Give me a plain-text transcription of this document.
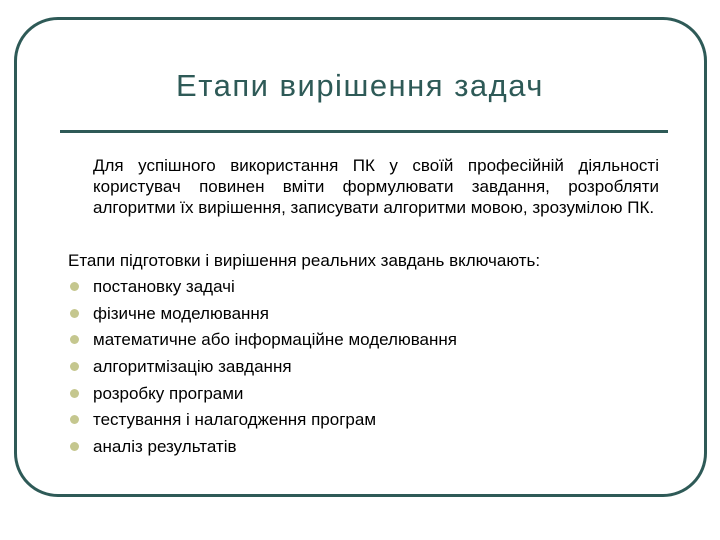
Етапи вирішення задач

Для успішного використання ПК у своїй професійній діяльності користувач повинен вміти формулювати завдання, розробляти алгоритми їх вирішення, записувати алгоритми мовою, зрозумілою ПК.

Етапи підготовки і вирішення реальних завдань включають:

постановку задачі
фізичне моделювання
математичне або інформаційне моделювання
алгоритмізацію завдання
розробку програми
тестування і налагодження програм
аналіз результатів
